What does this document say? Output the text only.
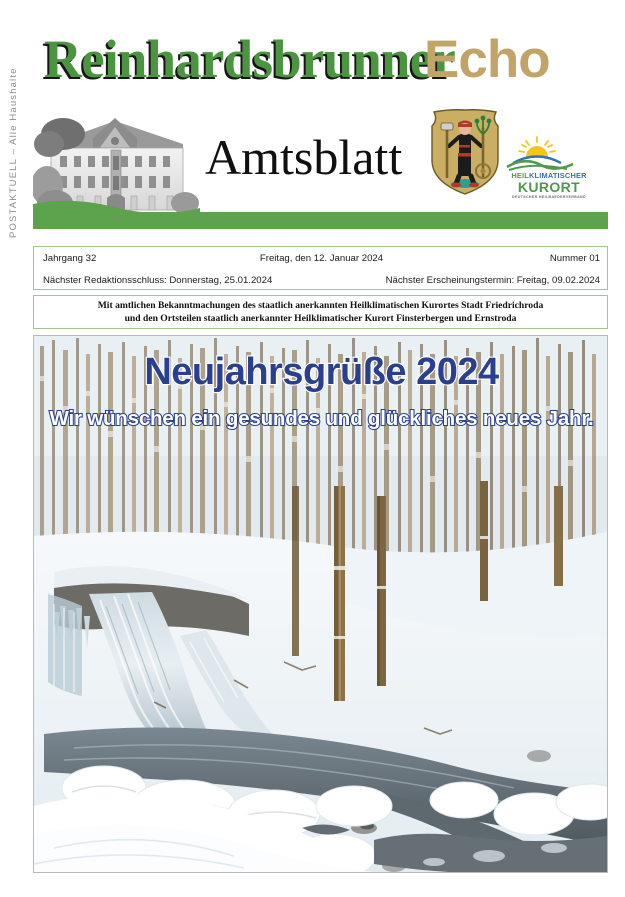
POSTAKTUELL – Alle Haushalte
Reinhardsbrunner
Echo
Amtsblatt	HEILKLIMATISCHER
KURORT
DEUTSCHER HEILBAEDERVERBAND
Jahrgang 32	Freitag, den 12. Januar 2024	Nummer 01
Nächster Redaktionsschluss: Donnerstag, 25.01.2024	Nächster Erscheinungstermin: Freitag, 09.02.2024
Mit amtlichen Bekanntmachungen des staatlich anerkannten Heilklimatischen Kurortes Stadt Friedrichroda
und den Ortsteilen staatlich anerkannter Heilklimatischer Kurort Finsterbergen und Ernstroda
Neujahrsgrüße 2024
Wir wünschen ein gesundes und glückliches neues Jahr.
